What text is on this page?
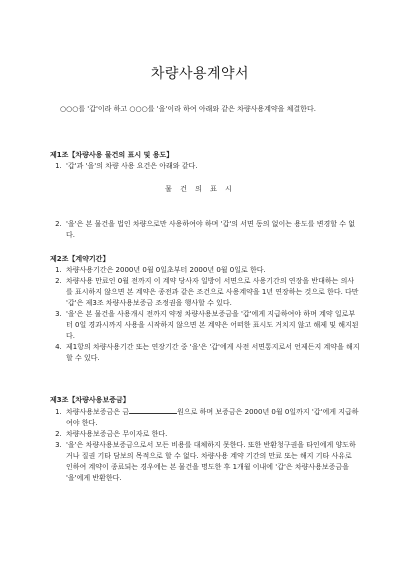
차량사용계약서
○○○를 '갑'이라 하고 ○○○를 '을'이라 하여 아래와 같은 차량사용계약을 체결한다.
제1조【차량사용 물건의 표시 및 용도】
1. '갑'과 '을'의 차량 사용 요건은 아래와 같다.
물 건 의 표 시
2. '을'은 본 물건을 법인 차량으로만 사용하여야 하며 '갑'의 서면 동의 없이는 용도를 변경할 수 없다.
제2조【계약기간】
1. 차량사용기간은 2000년 0월 0일초부터 2000년 0월 0일로 한다.
2. 차량사용 만료인 0월 전까지 이 계약 당사자 일방이 서면으로 사용기간의 연장을 반대하는 의사를 표시하지 않으면 본 계약은 종전과 같은 조건으로 사용계약을 1년 연장하는 것으로 한다. 다만 '갑'은 제3조 차량사용보증금 조정권을 행사할 수 있다.
3. '을'은 본 물건을 사용개시 전까지 약정 차량사용보증금을 '갑'에게 지급하여야 하며 계약 일로부터 0일 경과시까지 사용을 시작하지 않으면 본 계약은 어떠한 표시도 거치지 않고 해제 및 해지된다.
4. 제1항의 차량사용기간 또는 연장기간 중 '을'은 '갑'에게 사전 서면통지로서 언제든지 계약을 해지 할 수 있다.
제3조【차량사용보증금】
1. 차량사용보증금은 금	원으로 하며 보증금은 2000년 0월 0일까지 '갑'에게 지급하여야 한다.
2. 차량사용보증금은 무이자로 한다.
3. '을'은 차량사용보증금으로서 모든 비용를 대체하지 못한다. 또한 반환청구권을 타인에게 양도하거나 질권 기타 담보의 목적으로 할 수 없다. 차량사용 계약 기간의 만료 또는 해지 기타 사유로 인하여 계약이 종료되는 경우에는 본 물건을 명도한 후 1개월 이내에 '갑'은 차량사용보증금을 '을'에게 반환한다.
